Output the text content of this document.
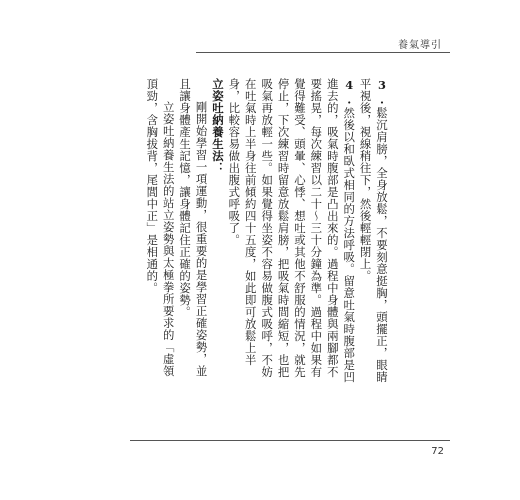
養氣導引

3.鬆沉肩膀，全身放鬆，不要刻意挺胸，頭擺正，眼睛平視後，視線稍往下，然後輕輕閉上。

4.然後以和臥式相同的方法呼吸。留意吐氣時腹部是凹進去的，吸氣時腹部是凸出來的。過程中身體與兩腳都不要搖晃，每次練習以二十～三十分鐘為準。過程中如果有覺得難受、頭暈、心悸、想吐或其他不舒服的情況，就先停止，下次練習時留意放鬆肩膀，把吸氣時間縮短，也把吸氣再放輕一些。如果覺得坐姿不容易做腹式吸呼，不妨在吐氣時上半身往前傾約四十五度，如此即可放鬆上半身，比較容易做出腹式呼吸了。

立姿吐納養生法：

剛開始學習一項運動，很重要的是學習正確姿勢，並且讓身體產生記憶，讓身體記住正確的姿勢。

立姿吐納養生法的站立姿勢與太極拳所要求的「虛領頂勁，含胸拔背，尾閭中正」是相通的。

72
